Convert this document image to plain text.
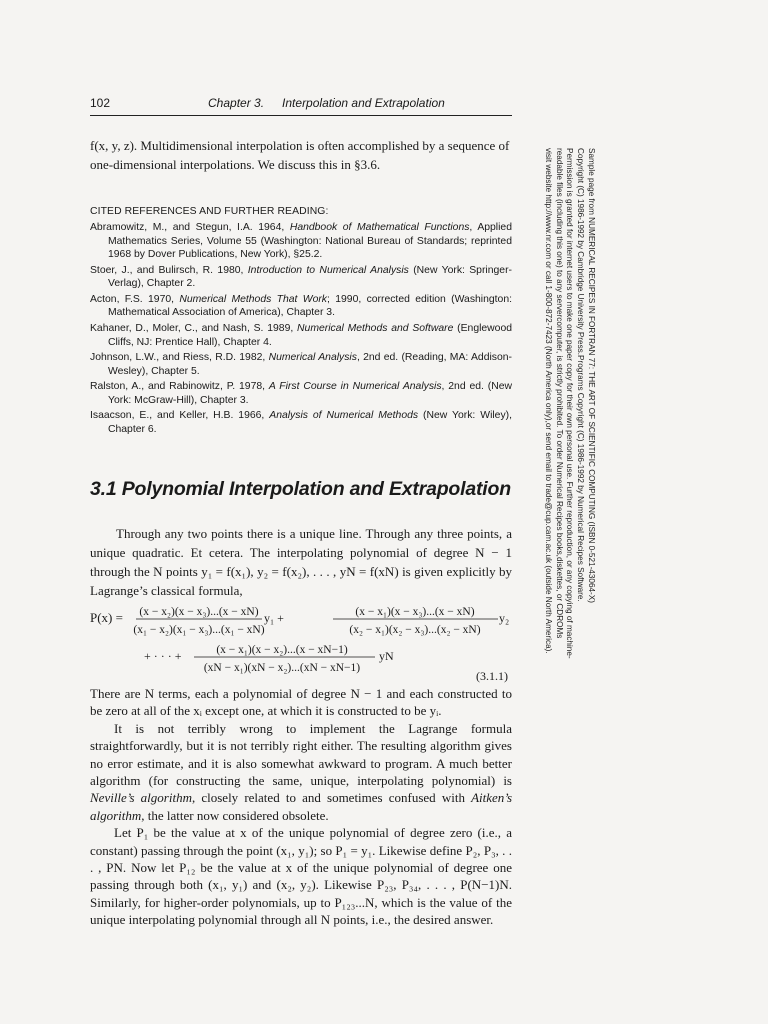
102	Chapter 3. Interpolation and Extrapolation
f(x, y, z). Multidimensional interpolation is often accomplished by a sequence of
one-dimensional interpolations. We discuss this in §3.6.
CITED REFERENCES AND FURTHER READING:
Abramowitz, M., and Stegun, I.A. 1964, Handbook of Mathematical Functions, Applied Mathematics Series, Volume 55 (Washington: National Bureau of Standards; reprinted 1968 by Dover Publications, New York), §25.2.
Stoer, J., and Bulirsch, R. 1980, Introduction to Numerical Analysis (New York: Springer-Verlag), Chapter 2.
Acton, F.S. 1970, Numerical Methods That Work; 1990, corrected edition (Washington: Mathematical Association of America), Chapter 3.
Kahaner, D., Moler, C., and Nash, S. 1989, Numerical Methods and Software (Englewood Cliffs, NJ: Prentice Hall), Chapter 4.
Johnson, L.W., and Riess, R.D. 1982, Numerical Analysis, 2nd ed. (Reading, MA: Addison-Wesley), Chapter 5.
Ralston, A., and Rabinowitz, P. 1978, A First Course in Numerical Analysis, 2nd ed. (New York: McGraw-Hill), Chapter 3.
Isaacson, E., and Keller, H.B. 1966, Analysis of Numerical Methods (New York: Wiley), Chapter 6.
3.1 Polynomial Interpolation and Extrapolation

Through any two points there is a unique line. Through any three points, a unique quadratic. Et cetera. The interpolating polynomial of degree N − 1 through the N points y₁ = f(x₁), y₂ = f(x₂), . . . , yN = f(xN) is given explicitly by Lagrange’s classical formula,

P(x) = (x − x₂)(x − x₃)...(x − xN)
(x₁ − x₂)(x₁ − x₃)...(x₁ − xN)
y₁ +	(x − x₁)(x − x₃)...(x − xN)
(x₂ − x₁)(x₂ − x₃)...(x₂ − xN)
y₂
+ · · · +	(x − x₁)(x − x₂)...(x − xN−1)
(xN − x₁)(xN − x₂)...(xN − xN−1)
yN
(3.1.1)

There are N terms, each a polynomial of degree N − 1 and each constructed to be zero at all of the xᵢ except one, at which it is constructed to be yᵢ.

It is not terribly wrong to implement the Lagrange formula straightforwardly, but it is not terribly right either. The resulting algorithm gives no error estimate, and it is also somewhat awkward to program. A much better algorithm (for constructing the same, unique, interpolating polynomial) is Neville’s algorithm, closely related to and sometimes confused with Aitken’s algorithm, the latter now considered obsolete.

Let P₁ be the value at x of the unique polynomial of degree zero (i.e., a constant) passing through the point (x₁, y₁); so P₁ = y₁. Likewise define P₂, P₃, . . . , PN. Now let P₁₂ be the value at x of the unique polynomial of degree one passing through both (x₁, y₁) and (x₂, y₂). Likewise P₂₃, P₃₄, . . . , P(N−1)N. Similarly, for higher-order polynomials, up to P₁₂₃...N, which is the value of the unique interpolating polynomial through all N points, i.e., the desired answer.

Sample page from NUMERICAL RECIPES IN FORTRAN 77: THE ART OF SCIENTIFIC COMPUTING (ISBN 0-521-43064-X)
Copyright (C) 1986-1992 by Cambridge University Press.Programs Copyright (C) 1986-1992 by Numerical Recipes Software.
Permission is granted for internet users to make one paper copy for their own personal use. Further reproduction, or any copying of machine-
readable files (including this one) to any servercomputer, is strictly prohibited. To order Numerical Recipes books,diskettes, or CDROMs
visit website http://www.nr.com or call 1-800-872-7423 (North America only),or send email to trade@cup.cam.ac.uk (outside North America).
